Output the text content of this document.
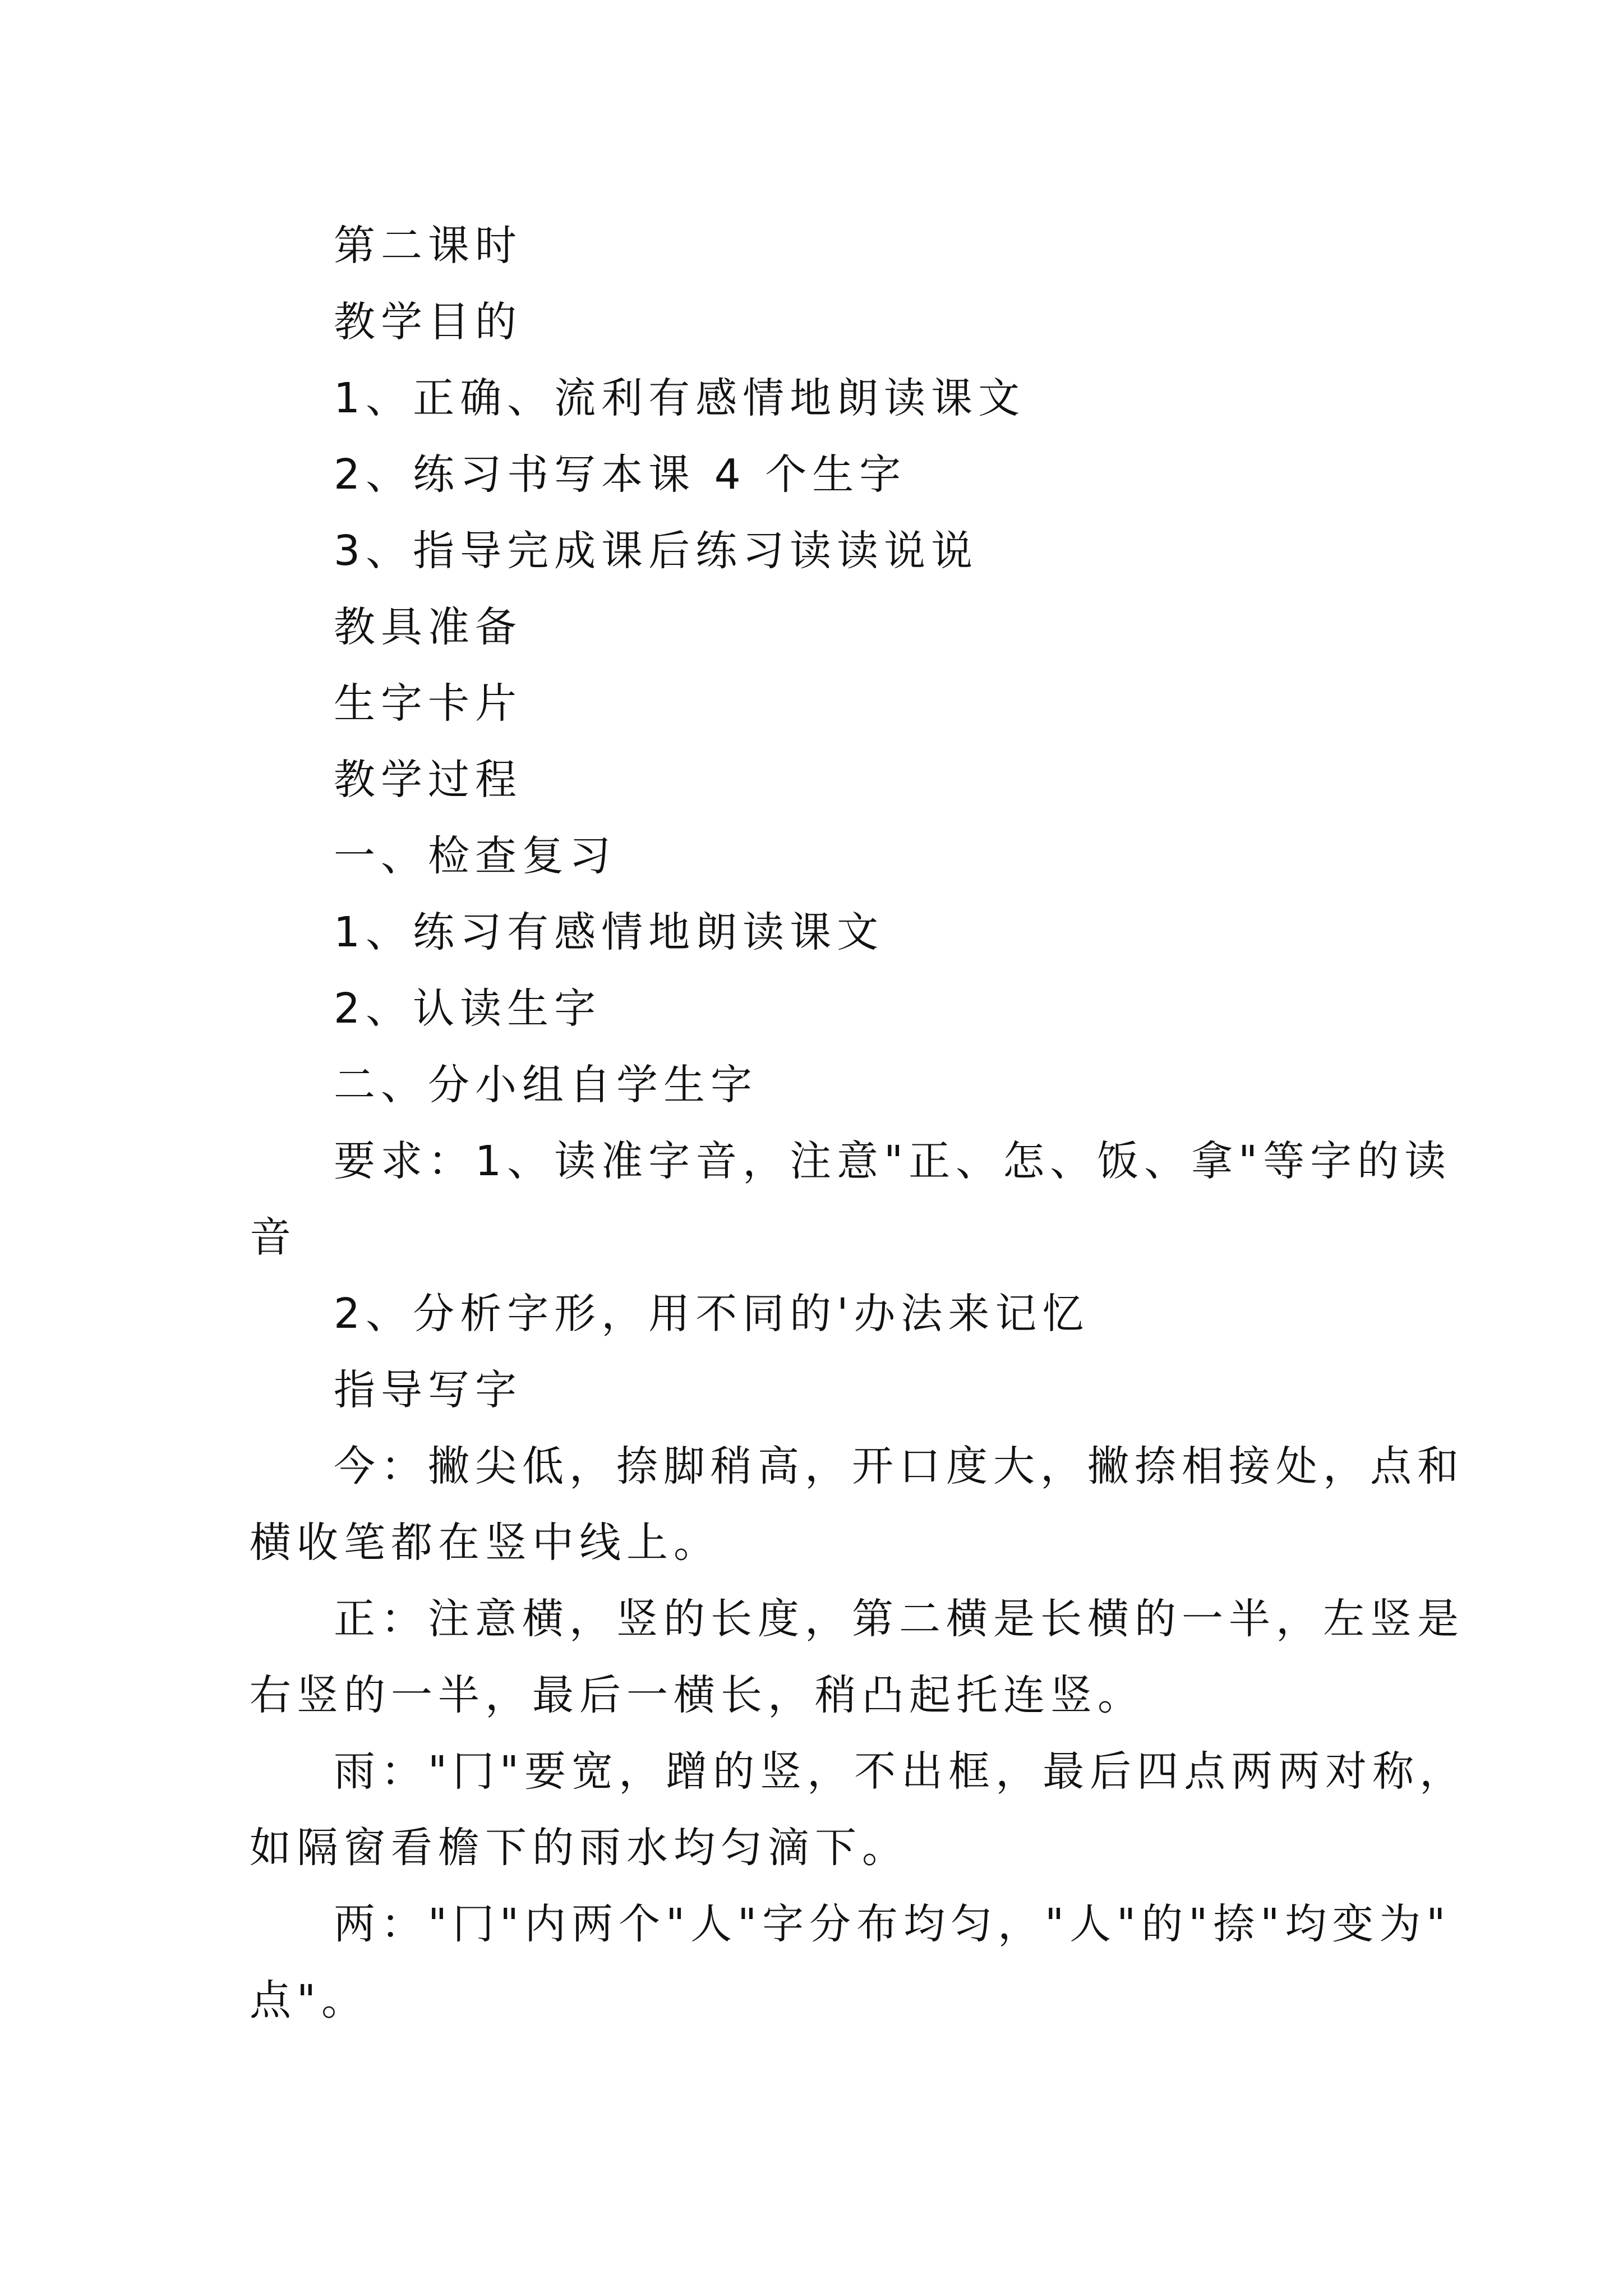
第二课时
教学目的
1、正确、流利有感情地朗读课文
2、练习书写本课 4 个生字
3、指导完成课后练习读读说说
教具准备
生字卡片
教学过程
一、检查复习
1、练习有感情地朗读课文
2、认读生字
二、分小组自学生字
要求：1、读准字音，注意"正、怎、饭、拿"等字的读
音
2、分析字形，用不同的'办法来记忆
指导写字
今：撇尖低，捺脚稍高，开口度大，撇捺相接处，点和
横收笔都在竖中线上。
正：注意横，竖的长度，第二横是长横的一半，左竖是
右竖的一半，最后一横长，稍凸起托连竖。
雨："冂"要宽，蹭的竖，不出框，最后四点两两对称，
如隔窗看檐下的雨水均匀滴下。
两："冂"内两个"人"字分布均匀，"人"的"捺"均变为"
点"。
